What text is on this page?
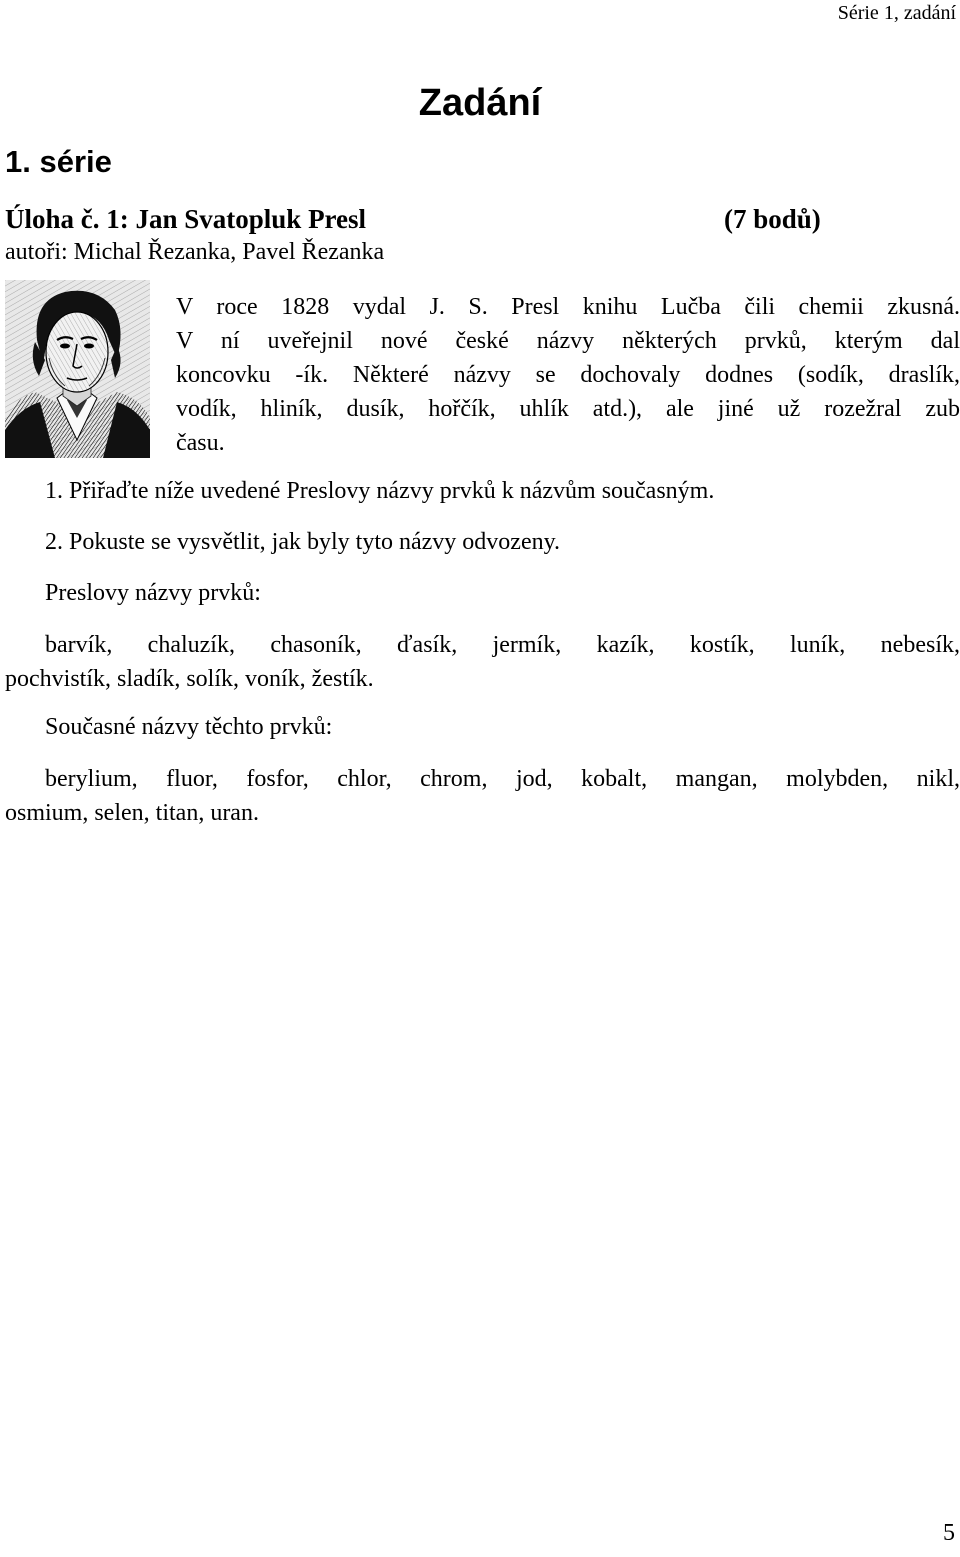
Série 1, zadání
Zadání
1. série
Úloha č. 1: Jan Svatopluk Presl	(7 bodů)
autoři: Michal Řezanka, Pavel Řezanka
V roce 1828 vydal J. S. Presl knihu Lučba čili chemii zkusná.
V ní uveřejnil nové české názvy některých prvků, kterým dal
koncovku -ík. Některé názvy se dochovaly dodnes (sodík, draslík,
vodík, hliník, dusík, hořčík, uhlík atd.), ale jiné už rozežral zub
času.
1. Přiřaďte níže uvedené Preslovy názvy prvků k názvům současným.
2. Pokuste se vysvětlit, jak byly tyto názvy odvozeny.
Preslovy názvy prvků:
barvík, chaluzík, chasoník, ďasík, jermík, kazík, kostík, luník, nebesík,
pochvistík, sladík, solík, voník, žestík.
Současné názvy těchto prvků:
berylium, fluor, fosfor, chlor, chrom, jod, kobalt, mangan, molybden, nikl,
osmium, selen, titan, uran.
5
